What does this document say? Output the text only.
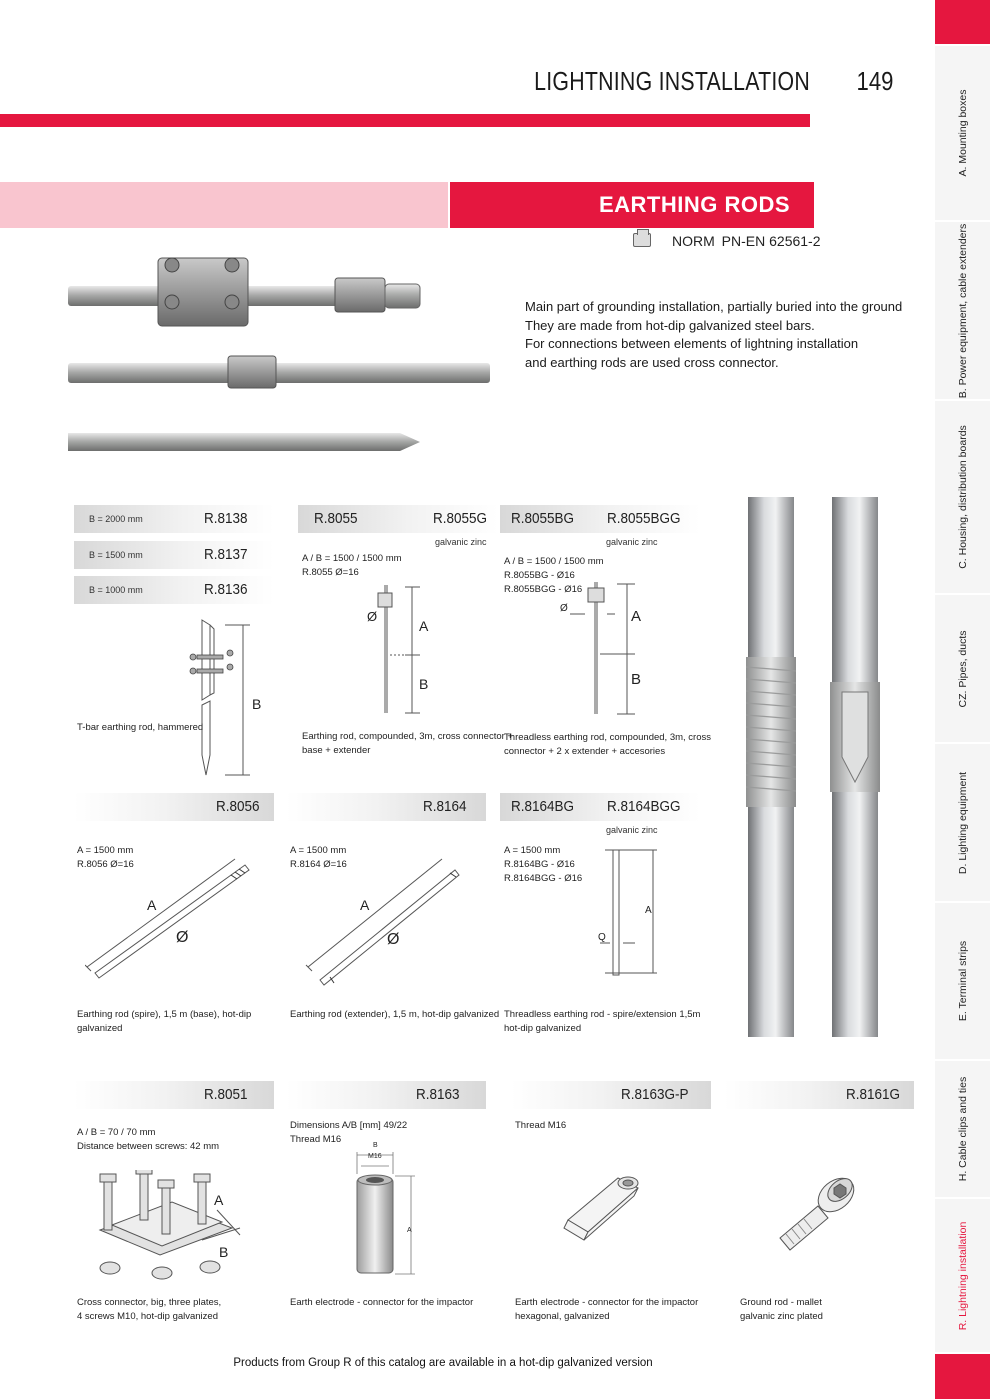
LIGHTNING INSTALLATION	149
A. Mounting boxes
B. Power equipment, cable extenders
C. Housing, distribution boards
CZ. Pipes, ducts
D. Lighting equipment
E. Terminal strips
H. Cable clips and ties
R. Lightning installation
EARTHING RODS
NORM PN-EN 62561-2
Main part of grounding installation, partially buried into the ground
They are made from hot-dip galvanized steel bars.
For connections between elements of lightning installation
and earthing rods are used cross connector.
B = 2000 mm	R.8138
B = 1500 mm	R.8137
B = 1000 mm	R.8136
B
T-bar earthing rod, hammered
R.8055	R.8055G
galvanic zinc
A / B = 1500 / 1500 mm
R.8055 Ø=16
Ø
A
B
Earthing rod, compounded, 3m, cross connector +
base + extender
R.8055BG R.8055BGG
galvanic zinc
A / B = 1500 / 1500 mm
R.8055BG - Ø16
R.8055BGG - Ø16
Ø	A
B
Threadless earthing rod, compounded, 3m, cross
connector + 2 x extender + accesories
R.8056
A = 1500 mm
R.8056 Ø=16
A
Ø
Earthing rod (spire), 1,5 m (base), hot-dip
galvanized
R.8164
A = 1500 mm
R.8164 Ø=16
A
Ø
Earthing rod (extender), 1,5 m, hot-dip galvanized
R.8164BG R.8164BGG
galvanic zinc
A = 1500 mm
R.8164BG - Ø16
R.8164BGG - Ø16
A
Q
Threadless earthing rod - spire/extension 1,5m
hot-dip galvanized
R.8051
A / B = 70 / 70 mm
Distance between screws: 42 mm
A
B
Cross connector, big, three plates,
4 screws M10, hot-dip galvanized
R.8163
Dimensions A/B [mm] 49/22
Thread M16
B
M16
A
Earth electrode - connector for the impactor
R.8163G-P
Thread M16
Earth electrode - connector for the impactor
hexagonal, galvanized
R.8161G
Ground rod - mallet
galvanic zinc plated
Products from Group R of this catalog are available in a hot-dip galvanized version
